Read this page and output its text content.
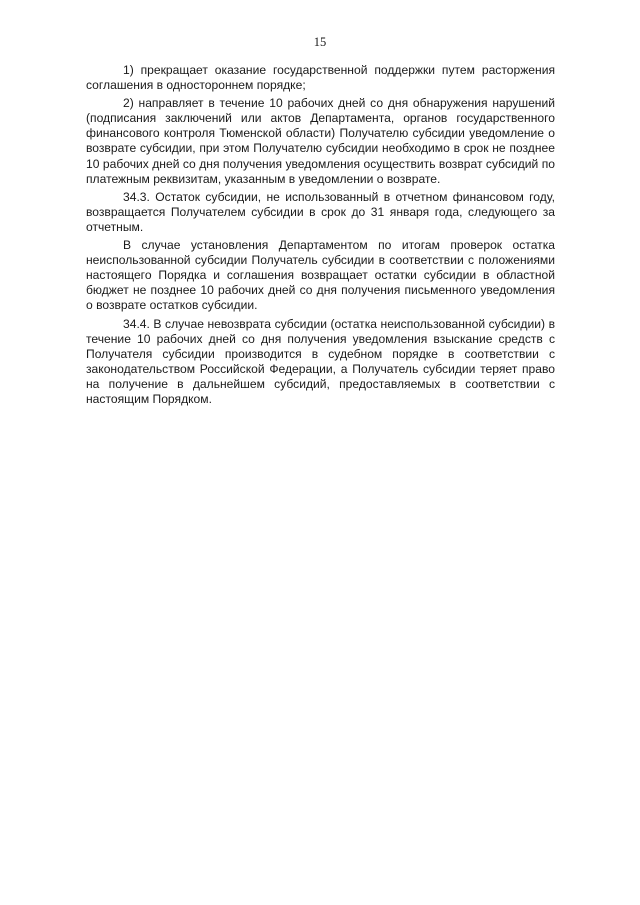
15

1) прекращает оказание государственной поддержки путем расторжения соглашения в одностороннем порядке;

2) направляет в течение 10 рабочих дней со дня обнаружения нарушений (подписания заключений или актов Департамента, органов государственного финансового контроля Тюменской области) Получателю субсидии уведомление о возврате субсидии, при этом Получателю субсидии необходимо в срок не позднее 10 рабочих дней со дня получения уведомления осуществить возврат субсидий по платежным реквизитам, указанным в уведомлении о возврате.

34.3. Остаток субсидии, не использованный в отчетном финансовом году, возвращается Получателем субсидии в срок до 31 января года, следующего за отчетным.

В случае установления Департаментом по итогам проверок остатка неиспользованной субсидии Получатель субсидии в соответствии с положениями настоящего Порядка и соглашения возвращает остатки субсидии в областной бюджет не позднее 10 рабочих дней со дня получения письменного уведомления о возврате остатков субсидии.

34.4. В случае невозврата субсидии (остатка неиспользованной субсидии) в течение 10 рабочих дней со дня получения уведомления взыскание средств с Получателя субсидии производится в судебном порядке в соответствии с законодательством Российской Федерации, а Получатель субсидии теряет право на получение в дальнейшем субсидий, предоставляемых в соответствии с настоящим Порядком.
